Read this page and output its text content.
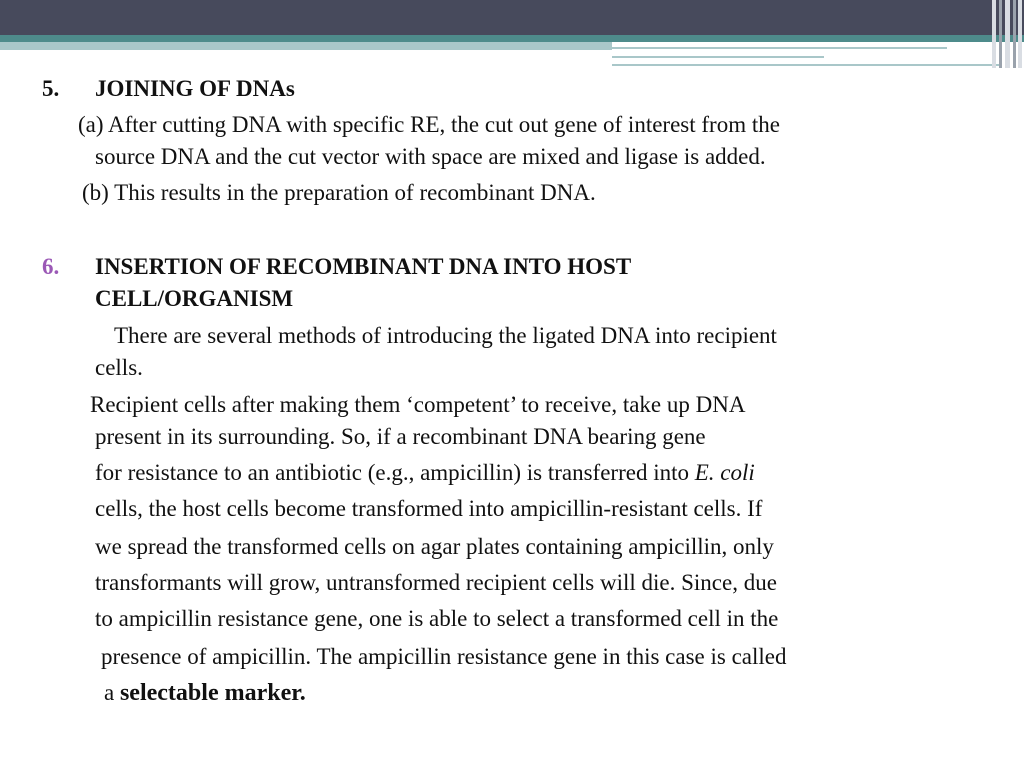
5. JOINING OF DNAs
(a) After cutting DNA with specific RE, the cut out gene of interest from the
source DNA and the cut vector with space are mixed and ligase is added.
(b) This results in the preparation of recombinant DNA.
6. INSERTION OF RECOMBINANT DNA INTO HOST
CELL/ORGANISM
There are several methods of introducing the ligated DNA into recipient
cells.
Recipient cells after making them ‘competent’ to receive, take up DNA
present in its surrounding. So, if a recombinant DNA bearing gene
for resistance to an antibiotic (e.g., ampicillin) is transferred into E. coli
cells, the host cells become transformed into ampicillin-resistant cells. If
we spread the transformed cells on agar plates containing ampicillin, only
transformants will grow, untransformed recipient cells will die. Since, due
to ampicillin resistance gene, one is able to select a transformed cell in the
presence of ampicillin. The ampicillin resistance gene in this case is called
a selectable marker.
